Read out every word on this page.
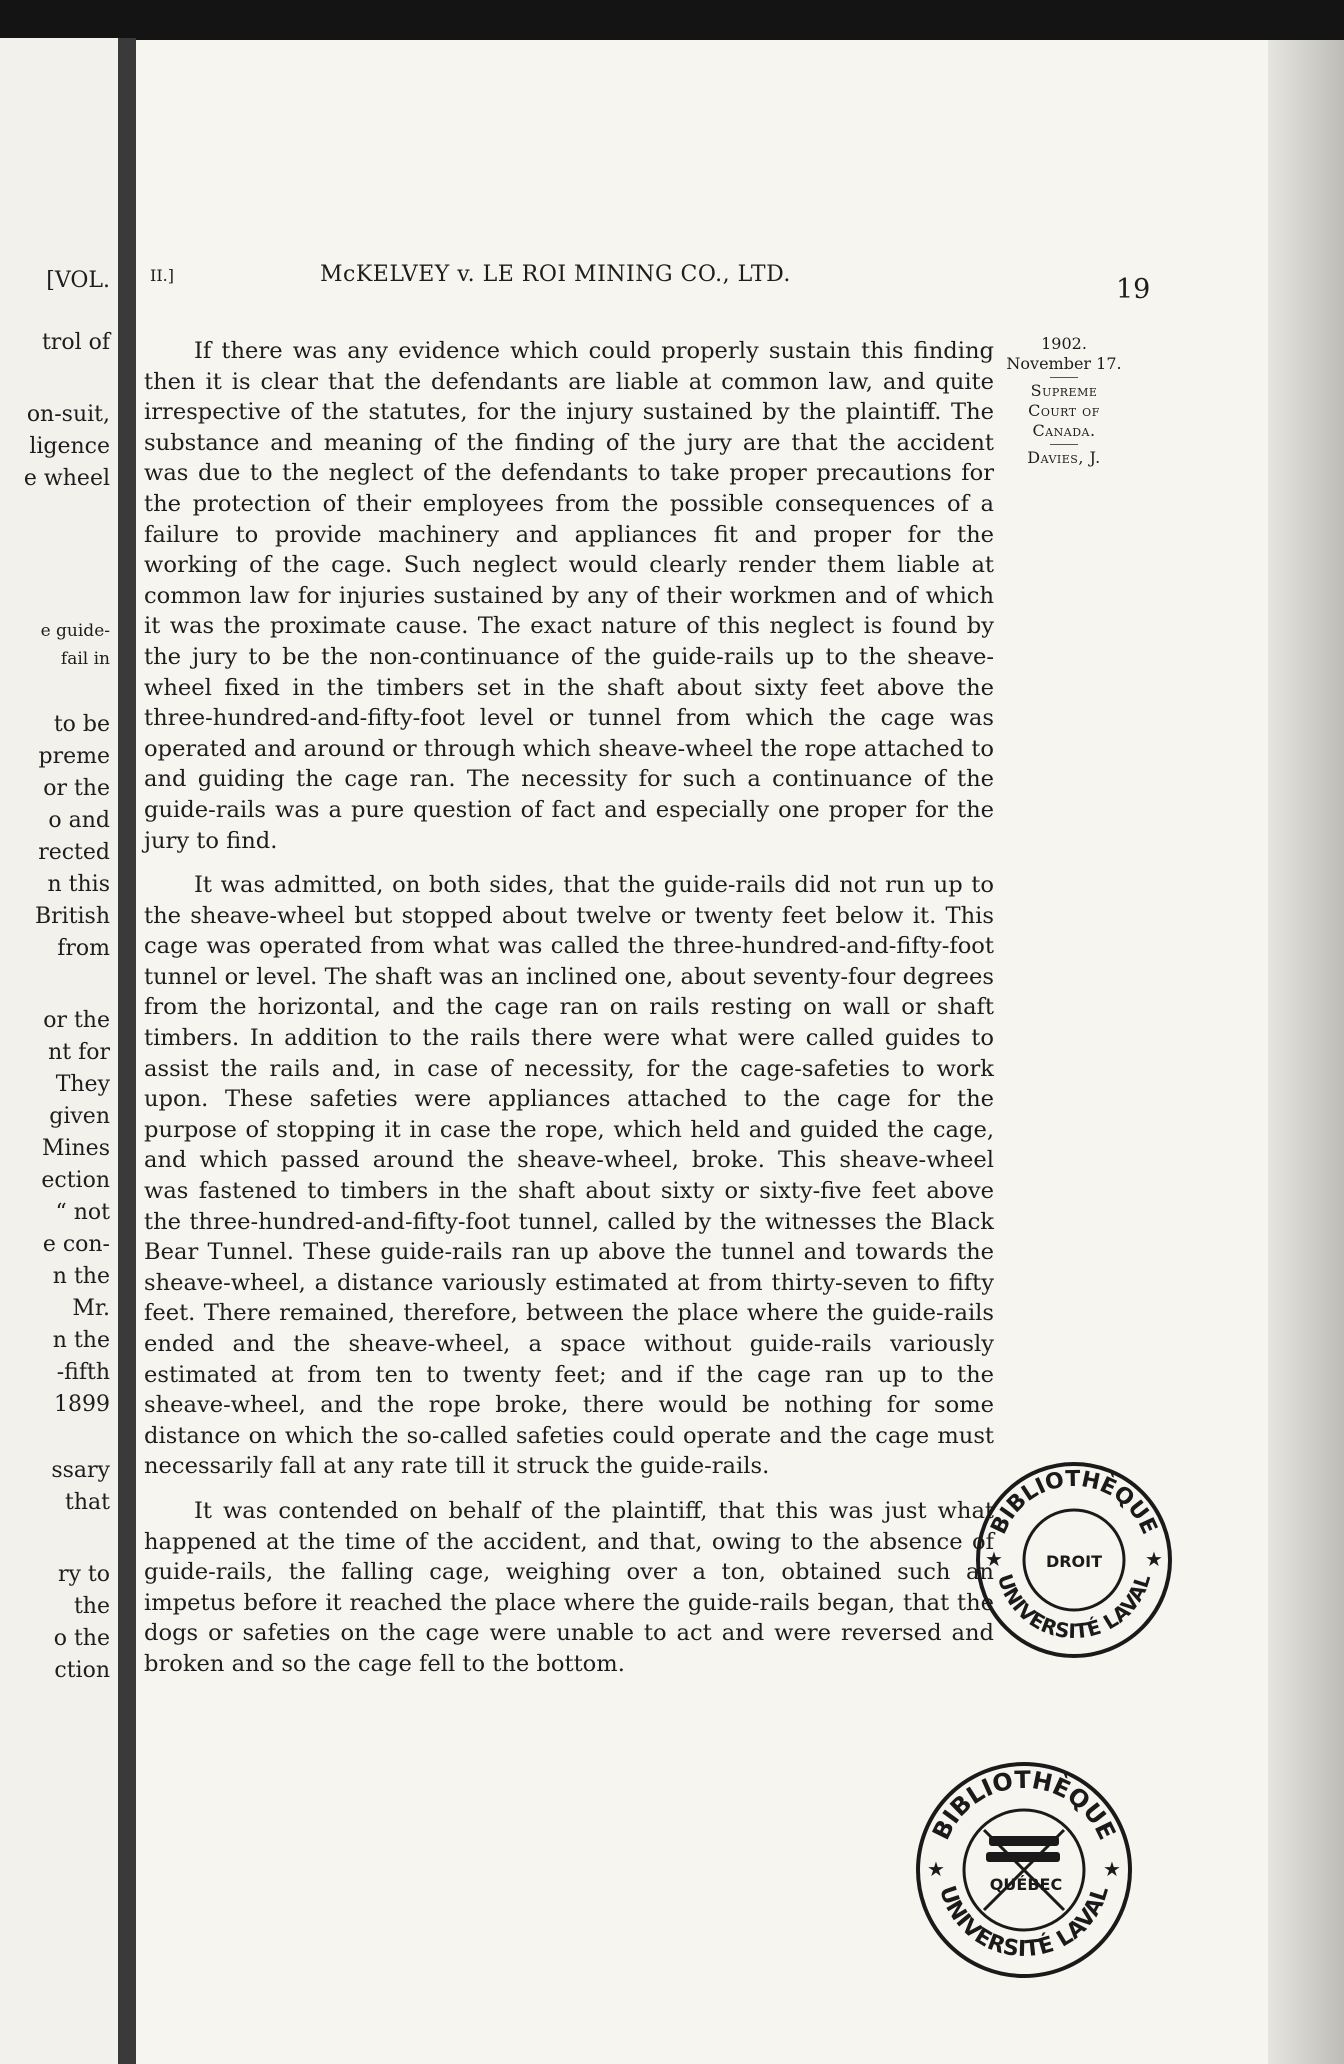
[VOL.
trol of
on-suit,
ligence
e wheel
e guide-
fail in
to be
preme
or the
o and
rected
n this
British
from
or the
nt for
They
given
Mines
ection
“ not
e con-
n the
Mr.
n the
-fifth
1899
ssary
that
ry to
the
o the
ction
II.]	McKELVEY v. LE ROI MINING CO., LTD.	19

If there was any evidence which could properly sustain this finding then it is clear that the defendants are liable at common law, and quite irrespective of the statutes, for the injury sustained by the plaintiff. The substance and meaning of the finding of the jury are that the accident was due to the neglect of the defendants to take proper precautions for the protection of their employees from the possible consequences of a failure to provide machinery and appliances fit and proper for the working of the cage. Such neglect would clearly render them liable at common law for injuries sustained by any of their workmen and of which it was the proximate cause. The exact nature of this neglect is found by the jury to be the non-continuance of the guide-rails up to the sheave-wheel fixed in the timbers set in the shaft about sixty feet above the three-hundred-and-fifty-foot level or tunnel from which the cage was operated and around or through which sheave-wheel the rope attached to and guiding the cage ran. The necessity for such a continuance of the guide-rails was a pure question of fact and especially one proper for the jury to find.

It was admitted, on both sides, that the guide-rails did not run up to the sheave-wheel but stopped about twelve or twenty feet below it. This cage was operated from what was called the three-hundred-and-fifty-foot tunnel or level. The shaft was an inclined one, about seventy-four degrees from the horizontal, and the cage ran on rails resting on wall or shaft timbers. In addition to the rails there were what were called guides to assist the rails and, in case of necessity, for the cage-safeties to work upon. These safeties were appliances attached to the cage for the purpose of stopping it in case the rope, which held and guided the cage, and which passed around the sheave-wheel, broke. This sheave-wheel was fastened to timbers in the shaft about sixty or sixty-five feet above the three-hundred-and-fifty-foot tunnel, called by the witnesses the Black Bear Tunnel. These guide-rails ran up above the tunnel and towards the sheave-wheel, a distance variously estimated at from thirty-seven to fifty feet. There remained, therefore, between the place where the guide-rails ended and the sheave-wheel, a space without guide-rails variously estimated at from ten to twenty feet; and if the cage ran up to the sheave-wheel, and the rope broke, there would be nothing for some distance on which the so-called safeties could operate and the cage must necessarily fall at any rate till it struck the guide-rails.

It was contended on behalf of the plaintiff, that this was just what happened at the time of the accident, and that, owing to the absence of guide-rails, the falling cage, weighing over a ton, obtained such an impetus before it reached the place where the guide-rails began, that the dogs or safeties on the cage were unable to act and were reversed and broken and so the cage fell to the bottom.

1902.
November 17.
Supreme
Court of
Canada.
Davies, J.
BIBLIOTHÈQUE
UNIVERSITÉ LAVAL
DROIT
★	★
BIBLIOTHÈQUE
UNIVERSITÉ LAVAL
QUÉBEC
★	★
